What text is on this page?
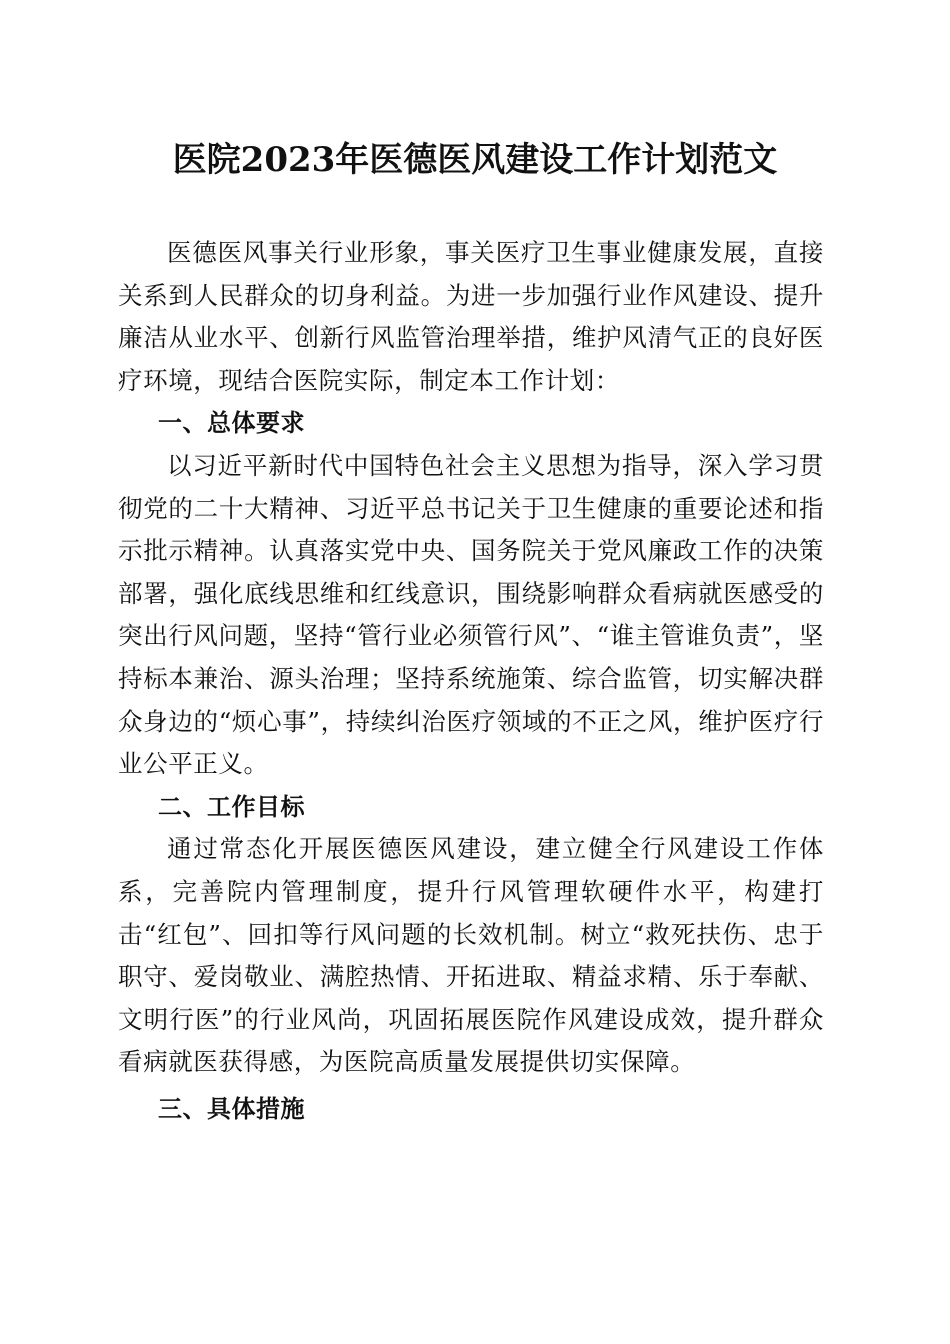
医院2023年医德医风建设工作计划范文

医德医风事关行业形象，事关医疗卫生事业健康发展，直接关系到人民群众的切身利益。为进一步加强行业作风建设、提升廉洁从业水平、创新行风监管治理举措，维护风清气正的良好医疗环境，现结合医院实际，制定本工作计划：

一、总体要求

以习近平新时代中国特色社会主义思想为指导，深入学习贯彻党的二十大精神、习近平总书记关于卫生健康的重要论述和指示批示精神。认真落实党中央、国务院关于党风廉政工作的决策部署，强化底线思维和红线意识，围绕影响群众看病就医感受的突出行风问题，坚持“管行业必须管行风”、“谁主管谁负责”，坚持标本兼治、源头治理；坚持系统施策、综合监管，切实解决群众身边的“烦心事”，持续纠治医疗领域的不正之风，维护医疗行业公平正义。

二、工作目标

通过常态化开展医德医风建设，建立健全行风建设工作体系，完善院内管理制度，提升行风管理软硬件水平，构建打击“红包”、回扣等行风问题的长效机制。树立“救死扶伤、忠于职守、爱岗敬业、满腔热情、开拓进取、精益求精、乐于奉献、文明行医”的行业风尚，巩固拓展医院作风建设成效，提升群众看病就医获得感，为医院高质量发展提供切实保障。

三、具体措施
